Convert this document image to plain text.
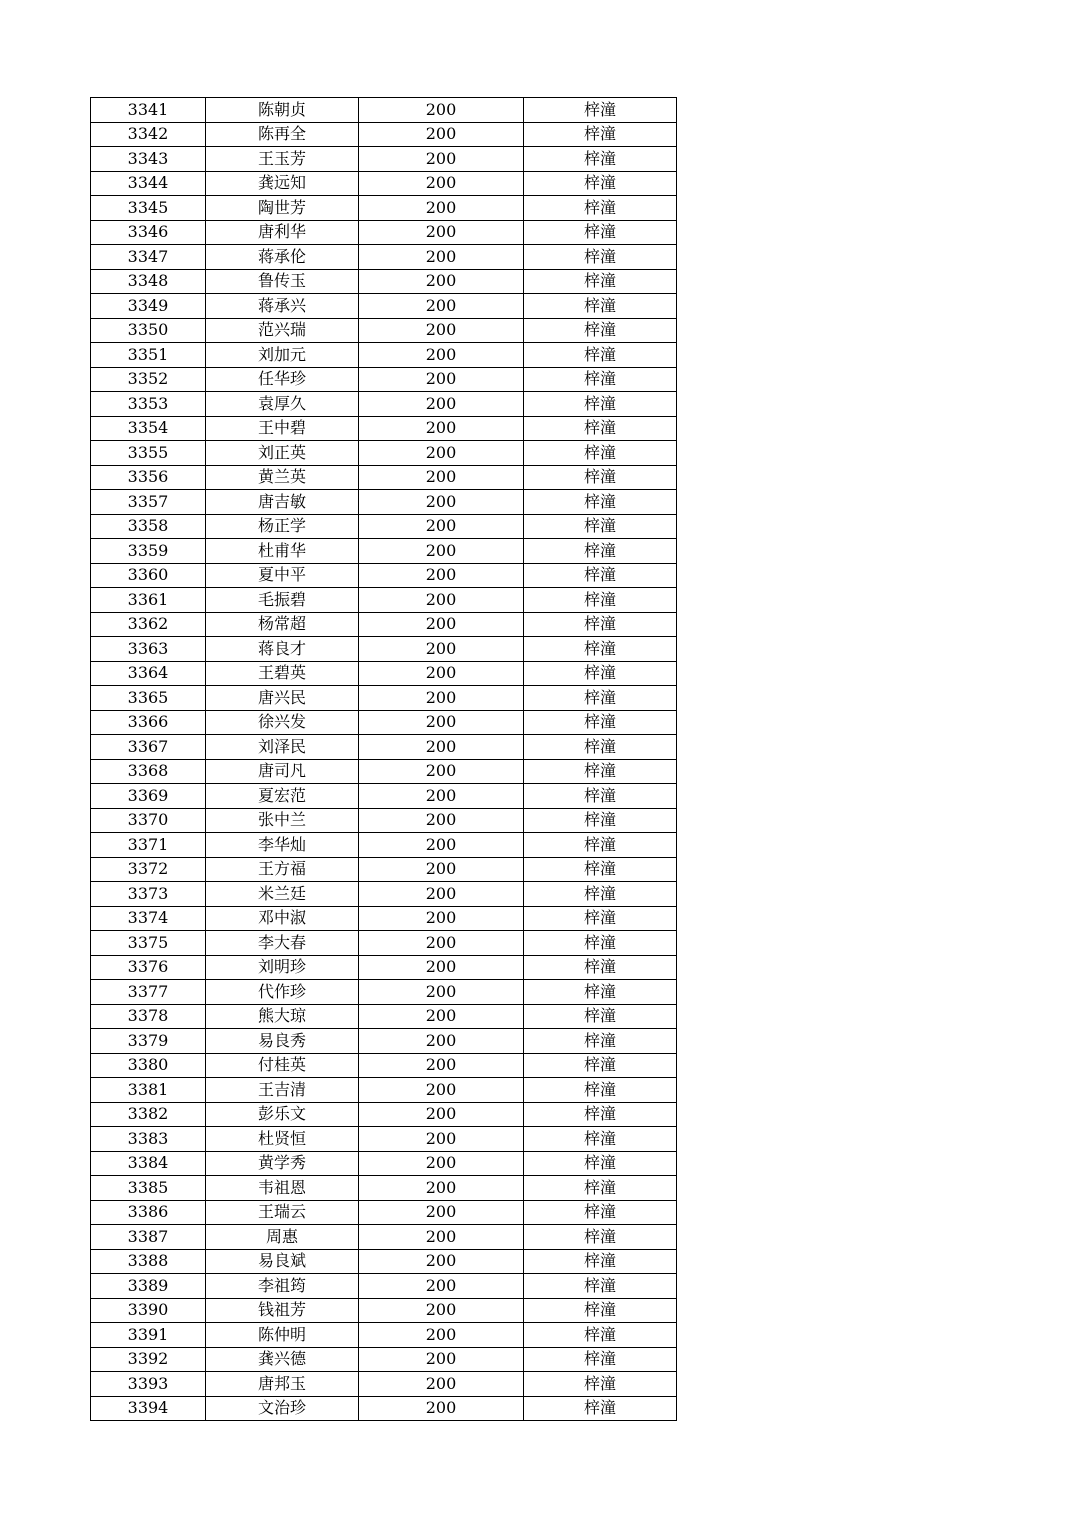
3341	陈朝贞	200	梓潼
3342	陈再全	200	梓潼
3343	王玉芳	200	梓潼
3344	龚远知	200	梓潼
3345	陶世芳	200	梓潼
3346	唐利华	200	梓潼
3347	蒋承伦	200	梓潼
3348	鲁传玉	200	梓潼
3349	蒋承兴	200	梓潼
3350	范兴瑞	200	梓潼
3351	刘加元	200	梓潼
3352	任华珍	200	梓潼
3353	袁厚久	200	梓潼
3354	王中碧	200	梓潼
3355	刘正英	200	梓潼
3356	黄兰英	200	梓潼
3357	唐吉敏	200	梓潼
3358	杨正学	200	梓潼
3359	杜甫华	200	梓潼
3360	夏中平	200	梓潼
3361	毛振碧	200	梓潼
3362	杨常超	200	梓潼
3363	蒋良才	200	梓潼
3364	王碧英	200	梓潼
3365	唐兴民	200	梓潼
3366	徐兴发	200	梓潼
3367	刘泽民	200	梓潼
3368	唐司凡	200	梓潼
3369	夏宏范	200	梓潼
3370	张中兰	200	梓潼
3371	李华灿	200	梓潼
3372	王方福	200	梓潼
3373	米兰廷	200	梓潼
3374	邓中淑	200	梓潼
3375	李大春	200	梓潼
3376	刘明珍	200	梓潼
3377	代作珍	200	梓潼
3378	熊大琼	200	梓潼
3379	易良秀	200	梓潼
3380	付桂英	200	梓潼
3381	王吉清	200	梓潼
3382	彭乐文	200	梓潼
3383	杜贤恒	200	梓潼
3384	黄学秀	200	梓潼
3385	韦祖恩	200	梓潼
3386	王瑞云	200	梓潼
3387	周惠	200	梓潼
3388	易良斌	200	梓潼
3389	李祖筠	200	梓潼
3390	钱祖芳	200	梓潼
3391	陈仲明	200	梓潼
3392	龚兴德	200	梓潼
3393	唐邦玉	200	梓潼
3394	文治珍	200	梓潼
